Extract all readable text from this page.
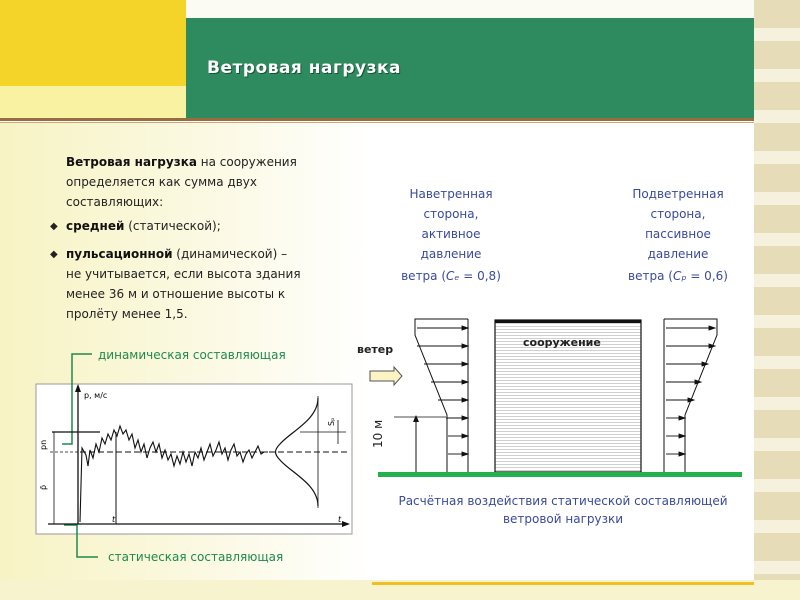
Ветровая нагрузка
Ветровая нагрузка на сооружения
определяется как сумма двух
составляющих:
◆ средней (статической);
◆ пульсационной (динамической) –
не учитывается, если высота здания
менее 36 м и отношение высоты к
пролёту менее 1,5.
динамическая составляющая
статическая составляющая
p, м/с
t	t
pn
p̄
Sₚ
Наветренная
сторона,
активное
давление
ветра (Cₑ = 0,8)
Подветренная
сторона,
пассивное
давление
ветра (Cₚ = 0,6)
ветер
сооружение
10 м
Расчётная воздействия статической составляющей
ветровой нагрузки
